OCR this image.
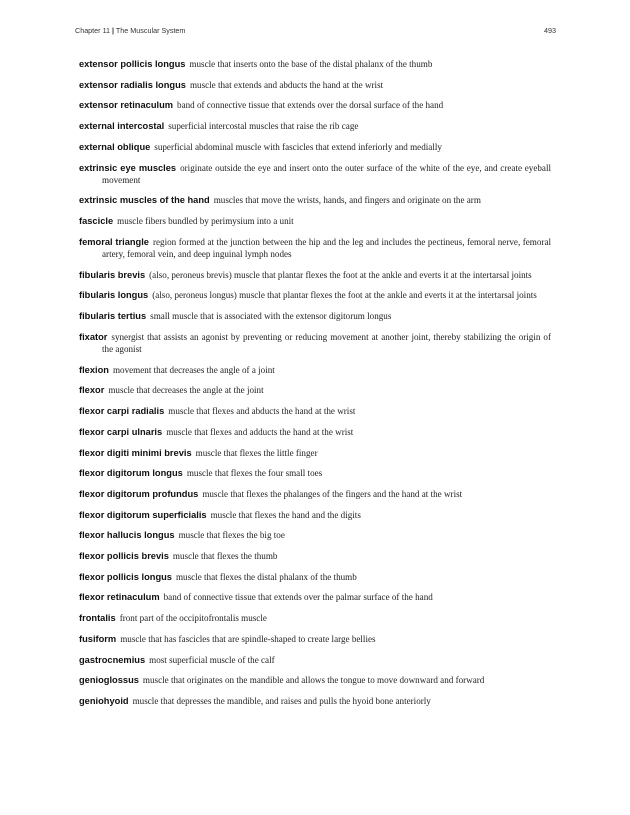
Chapter 11 | The Muscular System	493

extensor pollicis longus muscle that inserts onto the base of the distal phalanx of the thumb

extensor radialis longus muscle that extends and abducts the hand at the wrist

extensor retinaculum band of connective tissue that extends over the dorsal surface of the hand

external intercostal superficial intercostal muscles that raise the rib cage

external oblique superficial abdominal muscle with fascicles that extend inferiorly and medially

extrinsic eye muscles originate outside the eye and insert onto the outer surface of the white of the eye, and create eyeball movement

extrinsic muscles of the hand muscles that move the wrists, hands, and fingers and originate on the arm

fascicle muscle fibers bundled by perimysium into a unit

femoral triangle region formed at the junction between the hip and the leg and includes the pectineus, femoral nerve, femoral artery, femoral vein, and deep inguinal lymph nodes

fibularis brevis (also, peroneus brevis) muscle that plantar flexes the foot at the ankle and everts it at the intertarsal joints

fibularis longus (also, peroneus longus) muscle that plantar flexes the foot at the ankle and everts it at the intertarsal joints

fibularis tertius small muscle that is associated with the extensor digitorum longus

fixator synergist that assists an agonist by preventing or reducing movement at another joint, thereby stabilizing the origin of the agonist

flexion movement that decreases the angle of a joint

flexor muscle that decreases the angle at the joint

flexor carpi radialis muscle that flexes and abducts the hand at the wrist

flexor carpi ulnaris muscle that flexes and adducts the hand at the wrist

flexor digiti minimi brevis muscle that flexes the little finger

flexor digitorum longus muscle that flexes the four small toes

flexor digitorum profundus muscle that flexes the phalanges of the fingers and the hand at the wrist

flexor digitorum superficialis muscle that flexes the hand and the digits

flexor hallucis longus muscle that flexes the big toe

flexor pollicis brevis muscle that flexes the thumb

flexor pollicis longus muscle that flexes the distal phalanx of the thumb

flexor retinaculum band of connective tissue that extends over the palmar surface of the hand

frontalis front part of the occipitofrontalis muscle

fusiform muscle that has fascicles that are spindle-shaped to create large bellies

gastrocnemius most superficial muscle of the calf

genioglossus muscle that originates on the mandible and allows the tongue to move downward and forward

geniohyoid muscle that depresses the mandible, and raises and pulls the hyoid bone anteriorly
